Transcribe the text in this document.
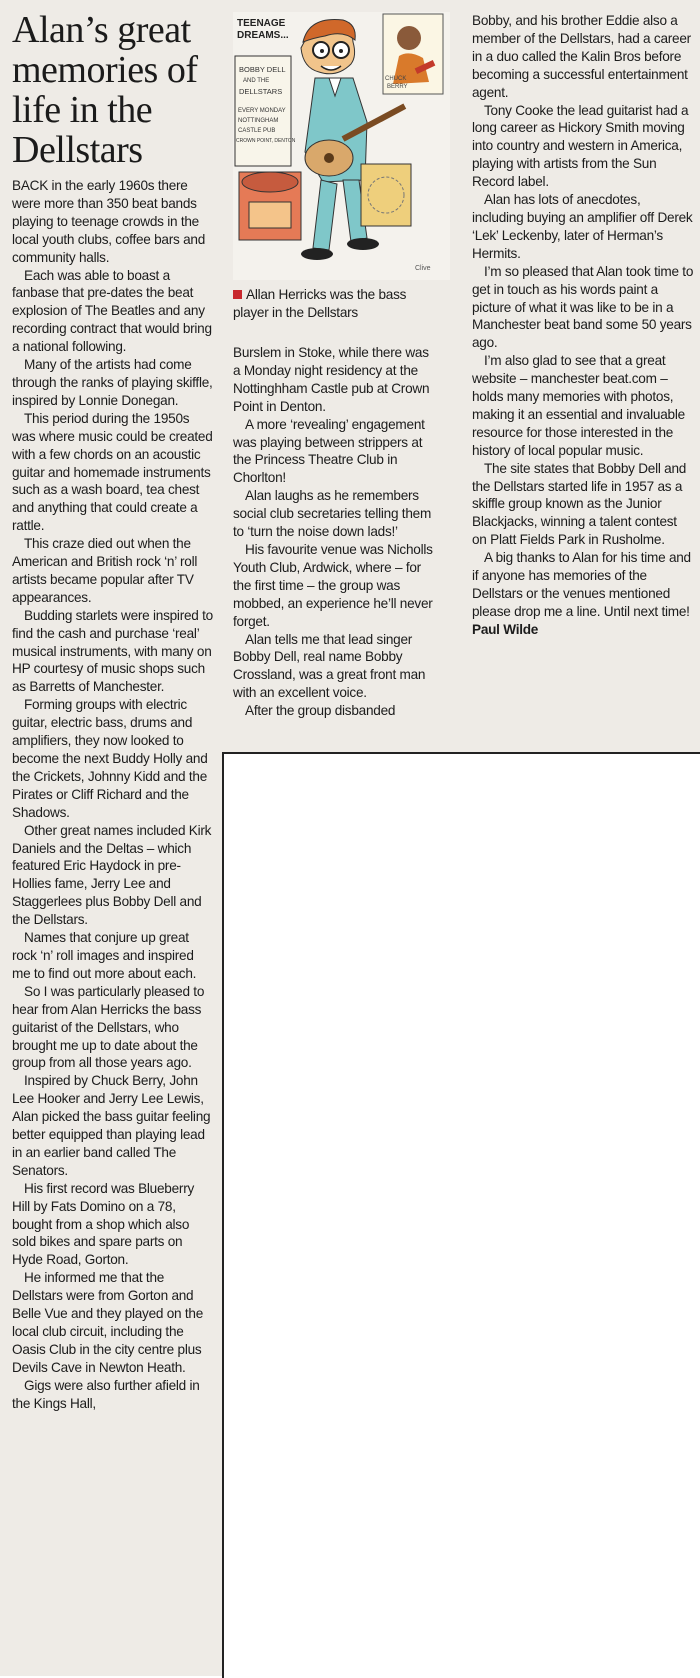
Alan’s great memories of life in the Dellstars

BACK in the early 1960s there were more than 350 beat bands playing to teenage crowds in the local youth clubs, coffee bars and community halls.

Each was able to boast a fanbase that pre-dates the beat explosion of The Beatles and any recording contract that would bring a national following.

Many of the artists had come through the ranks of playing skiffle, inspired by Lonnie Donegan.

This period during the 1950s was where music could be created with a few chords on an acoustic guitar and homemade instruments such as a wash board, tea chest and anything that could create a rattle.

This craze died out when the American and British rock ‘n’ roll artists became popular after TV appearances.

Budding starlets were inspired to find the cash and purchase ‘real’ musical instruments, with many on HP courtesy of music shops such as Barretts of Manchester.

Forming groups with electric guitar, electric bass, drums and amplifiers, they now looked to become the next Buddy Holly and the Crickets, Johnny Kidd and the Pirates or Cliff Richard and the Shadows.

Other great names included Kirk Daniels and the Deltas – which featured Eric Haydock in pre-Hollies fame, Jerry Lee and Staggerlees plus Bobby Dell and the Dellstars.

Names that conjure up great rock ‘n’ roll images and inspired me to find out more about each.

So I was particularly pleased to hear from Alan Herricks the bass guitarist of the Dellstars, who brought me up to date about the group from all those years ago.

Inspired by Chuck Berry, John Lee Hooker and Jerry Lee Lewis, Alan picked the bass guitar feeling better equipped than playing lead in an earlier band called The Senators.

His first record was Blueberry Hill by Fats Domino on a 78, bought from a shop which also sold bikes and spare parts on Hyde Road, Gorton.

He informed me that the Dellstars were from Gorton and Belle Vue and they played on the local club circuit, including the Oasis Club in the city centre plus Devils Cave in Newton Heath.

Gigs were also further afield in the Kings Hall,

TEENAGE
DREAMS...
BOBBY DELL
AND THE
DELLSTARS
EVERY MONDAY
NOTTINGHAM
CASTLE PUB
CROWN POINT, DENTON
CHUCK
BERRY
Clive
Allan Herricks was the bass player in the Dellstars

Burslem in Stoke, while there was a Monday night residency at the Nottinghham Castle pub at Crown Point in Denton.

A more ‘revealing’ engagement was playing between strippers at the Princess Theatre Club in Chorlton!

Alan laughs as he remembers social club secretaries telling them to ‘turn the noise down lads!’

His favourite venue was Nicholls Youth Club, Ardwick, where – for the first time – the group was mobbed, an experience he’ll never forget.

Alan tells me that lead singer Bobby Dell, real name Bobby Crossland, was a great front man with an excellent voice.

After the group disbanded

Bobby, and his brother Eddie also a member of the Dellstars, had a career in a duo called the Kalin Bros before becoming a successful entertainment agent.

Tony Cooke the lead guitarist had a long career as Hickory Smith moving into country and western in America, playing with artists from the Sun Record label.

Alan has lots of anecdotes, including buying an amplifier off Derek ‘Lek’ Leckenby, later of Herman’s Hermits.

I’m so pleased that Alan took time to get in touch as his words paint a picture of what it was like to be in a Manchester beat band some 50 years ago.

I’m also glad to see that a great website – manchester beat.com – holds many memories with photos, making it an essential and invaluable resource for those interested in the history of local popular music.

The site states that Bobby Dell and the Dellstars started life in 1957 as a skiffle group known as the Junior Blackjacks, winning a talent contest on Platt Fields Park in Rusholme.

A big thanks to Alan for his time and if anyone has memories of the Dellstars or the venues mentioned please drop me a line. Until next time!

Paul Wilde
